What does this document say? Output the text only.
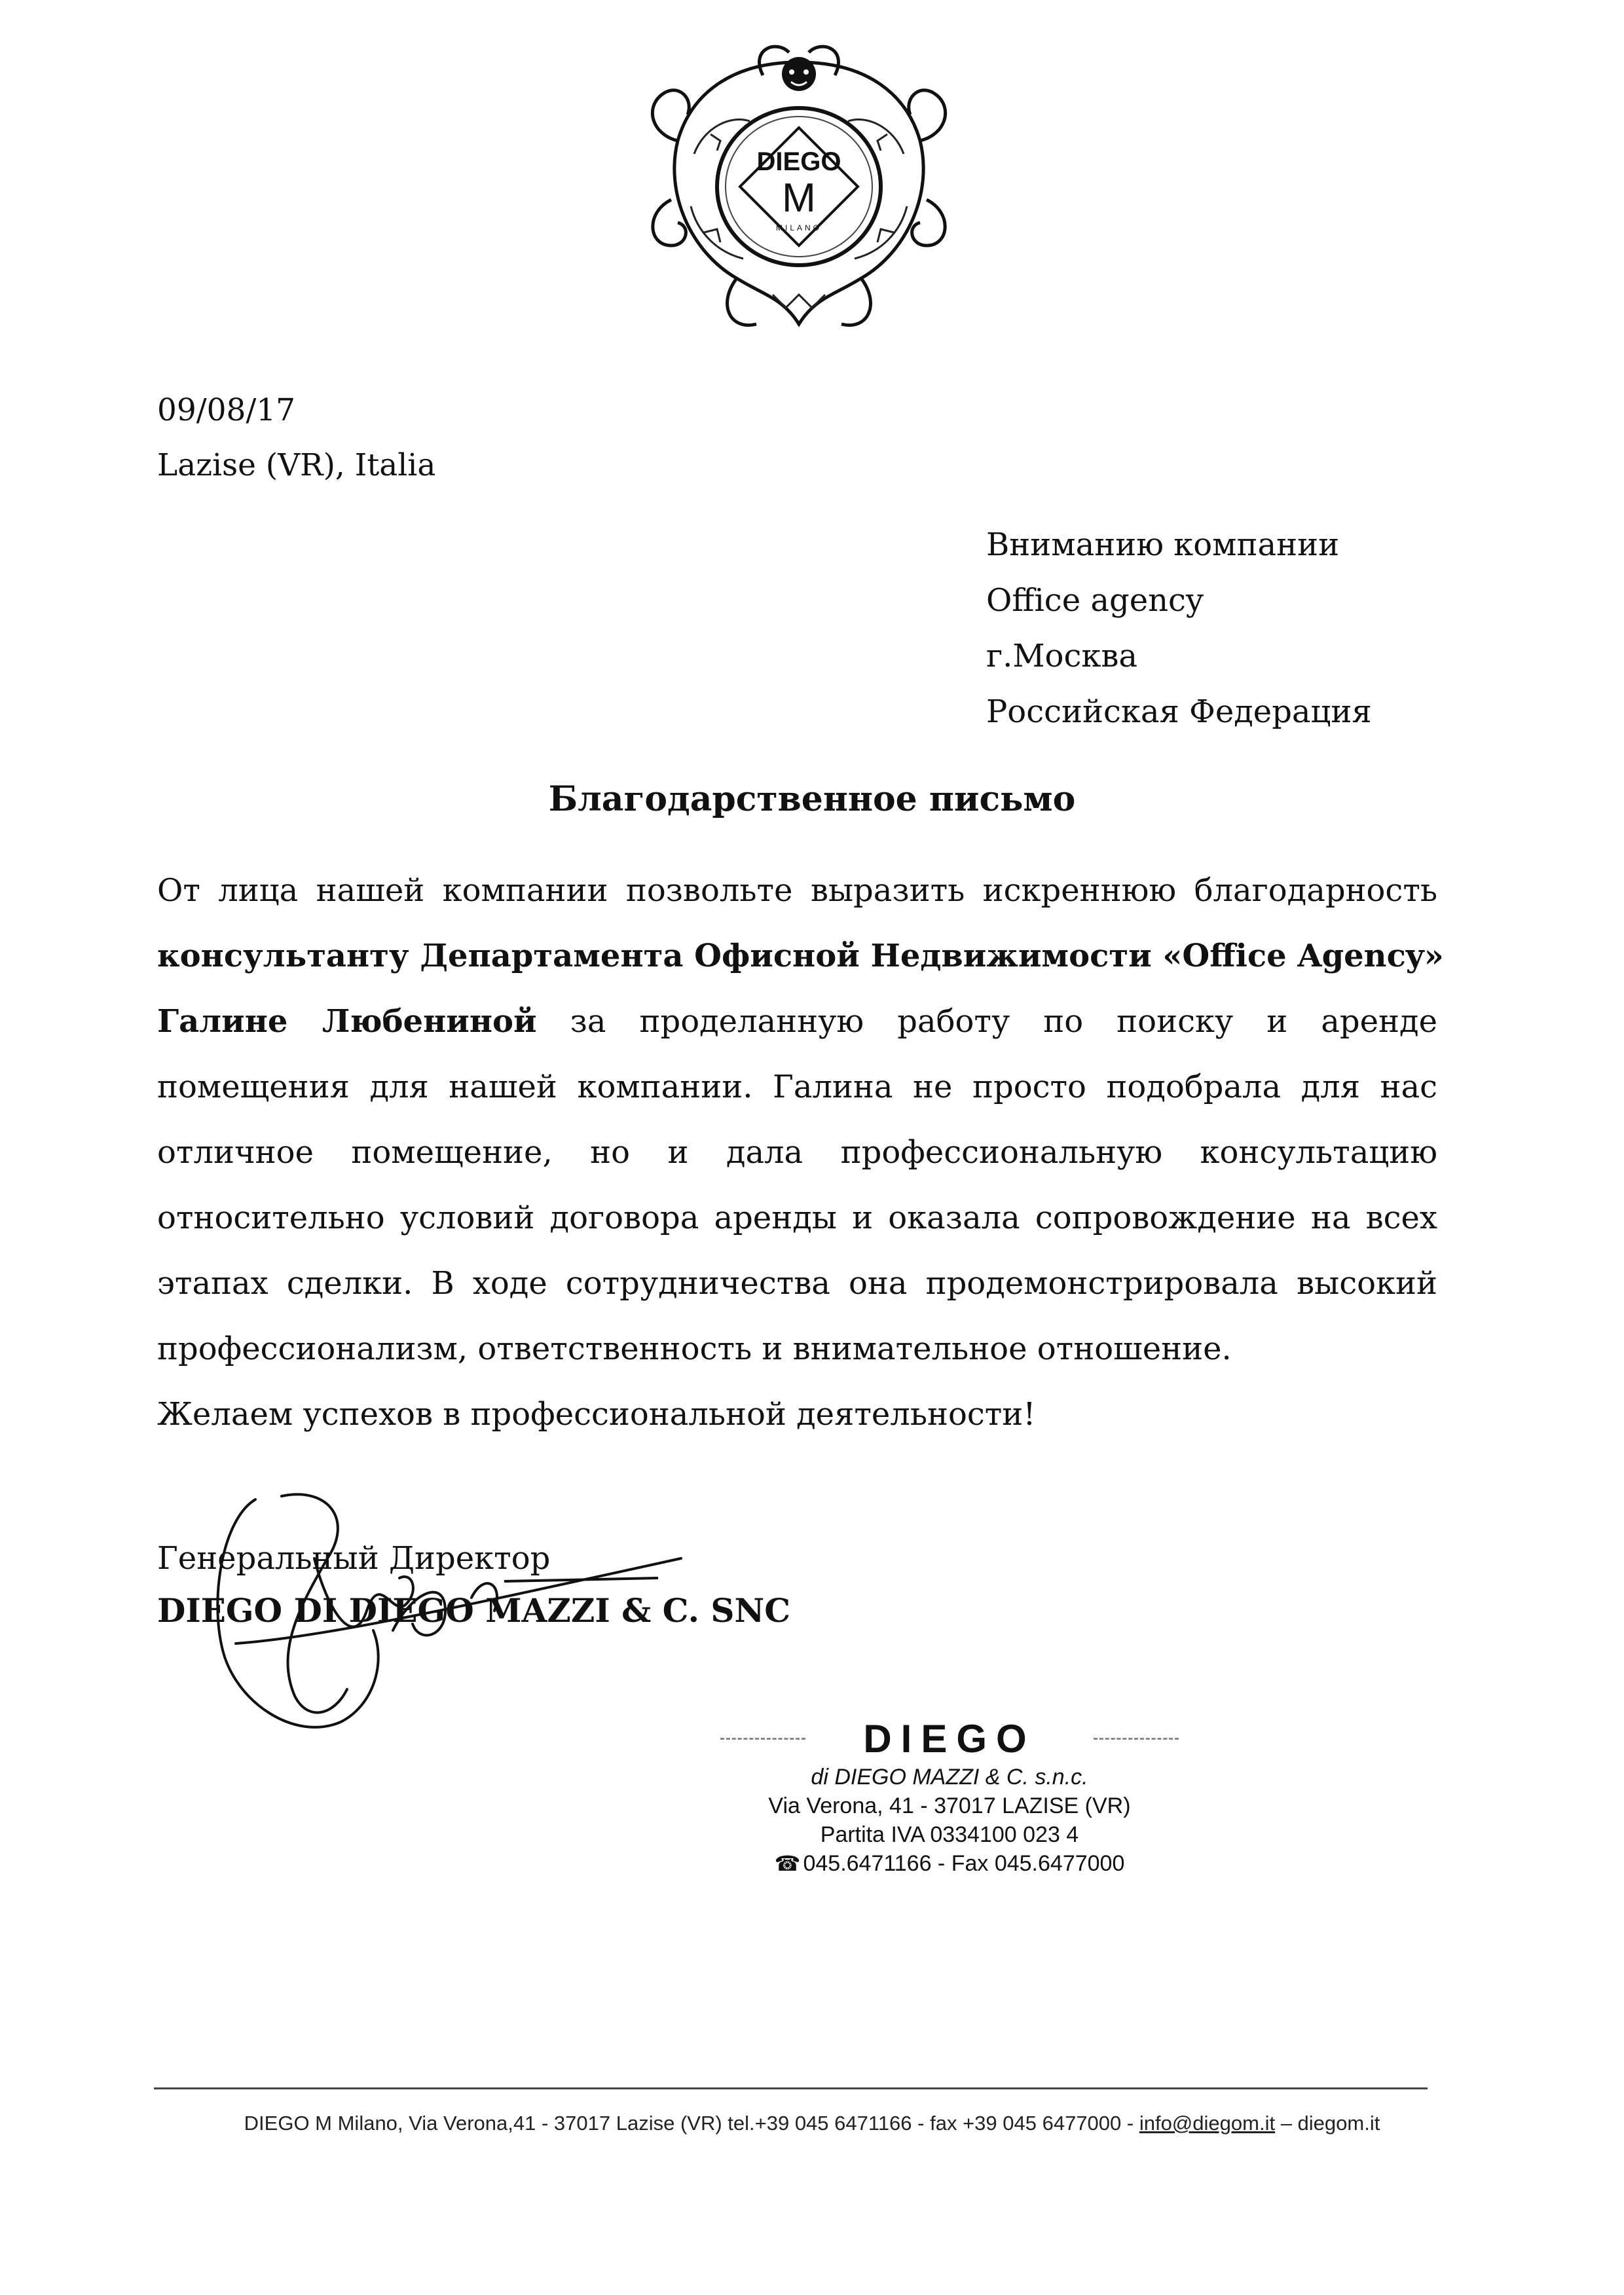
DIEGO
M
MILANO
09/08/17
Lazise (VR), Italia
Вниманию компании
Office agency
г.Москва
Российская Федерация
Благодарственное письмо
От лица нашей компании позвольте выразить искреннюю благодарность
консультанту Департамента Офисной Недвижимости «Office Agency»
Галине Любениной за проделанную работу по поиску и аренде
помещения для нашей компании. Галина не просто подобрала для нас
отличное помещение, но и дала профессиональную консультацию
относительно условий договора аренды и оказала сопровождение на всех
этапах сделки. В ходе сотрудничества она продемонстрировала высокий
профессионализм, ответственность и внимательное отношение.
Желаем успехов в профессиональной деятельности!
Генеральный Директор
DIEGO DI DIEGO MAZZI & C. SNC
DIEGO
di DIEGO MAZZI & C. s.n.c.
Via Verona, 41 - 37017 LAZISE (VR)
Partita IVA 0334100 023 4
☎ 045.6471166 - Fax 045.6477000
DIEGO M Milano, Via Verona,41 - 37017 Lazise (VR) tel.+39 045 6471166 - fax +39 045 6477000 - info@diegom.it – diegom.it
